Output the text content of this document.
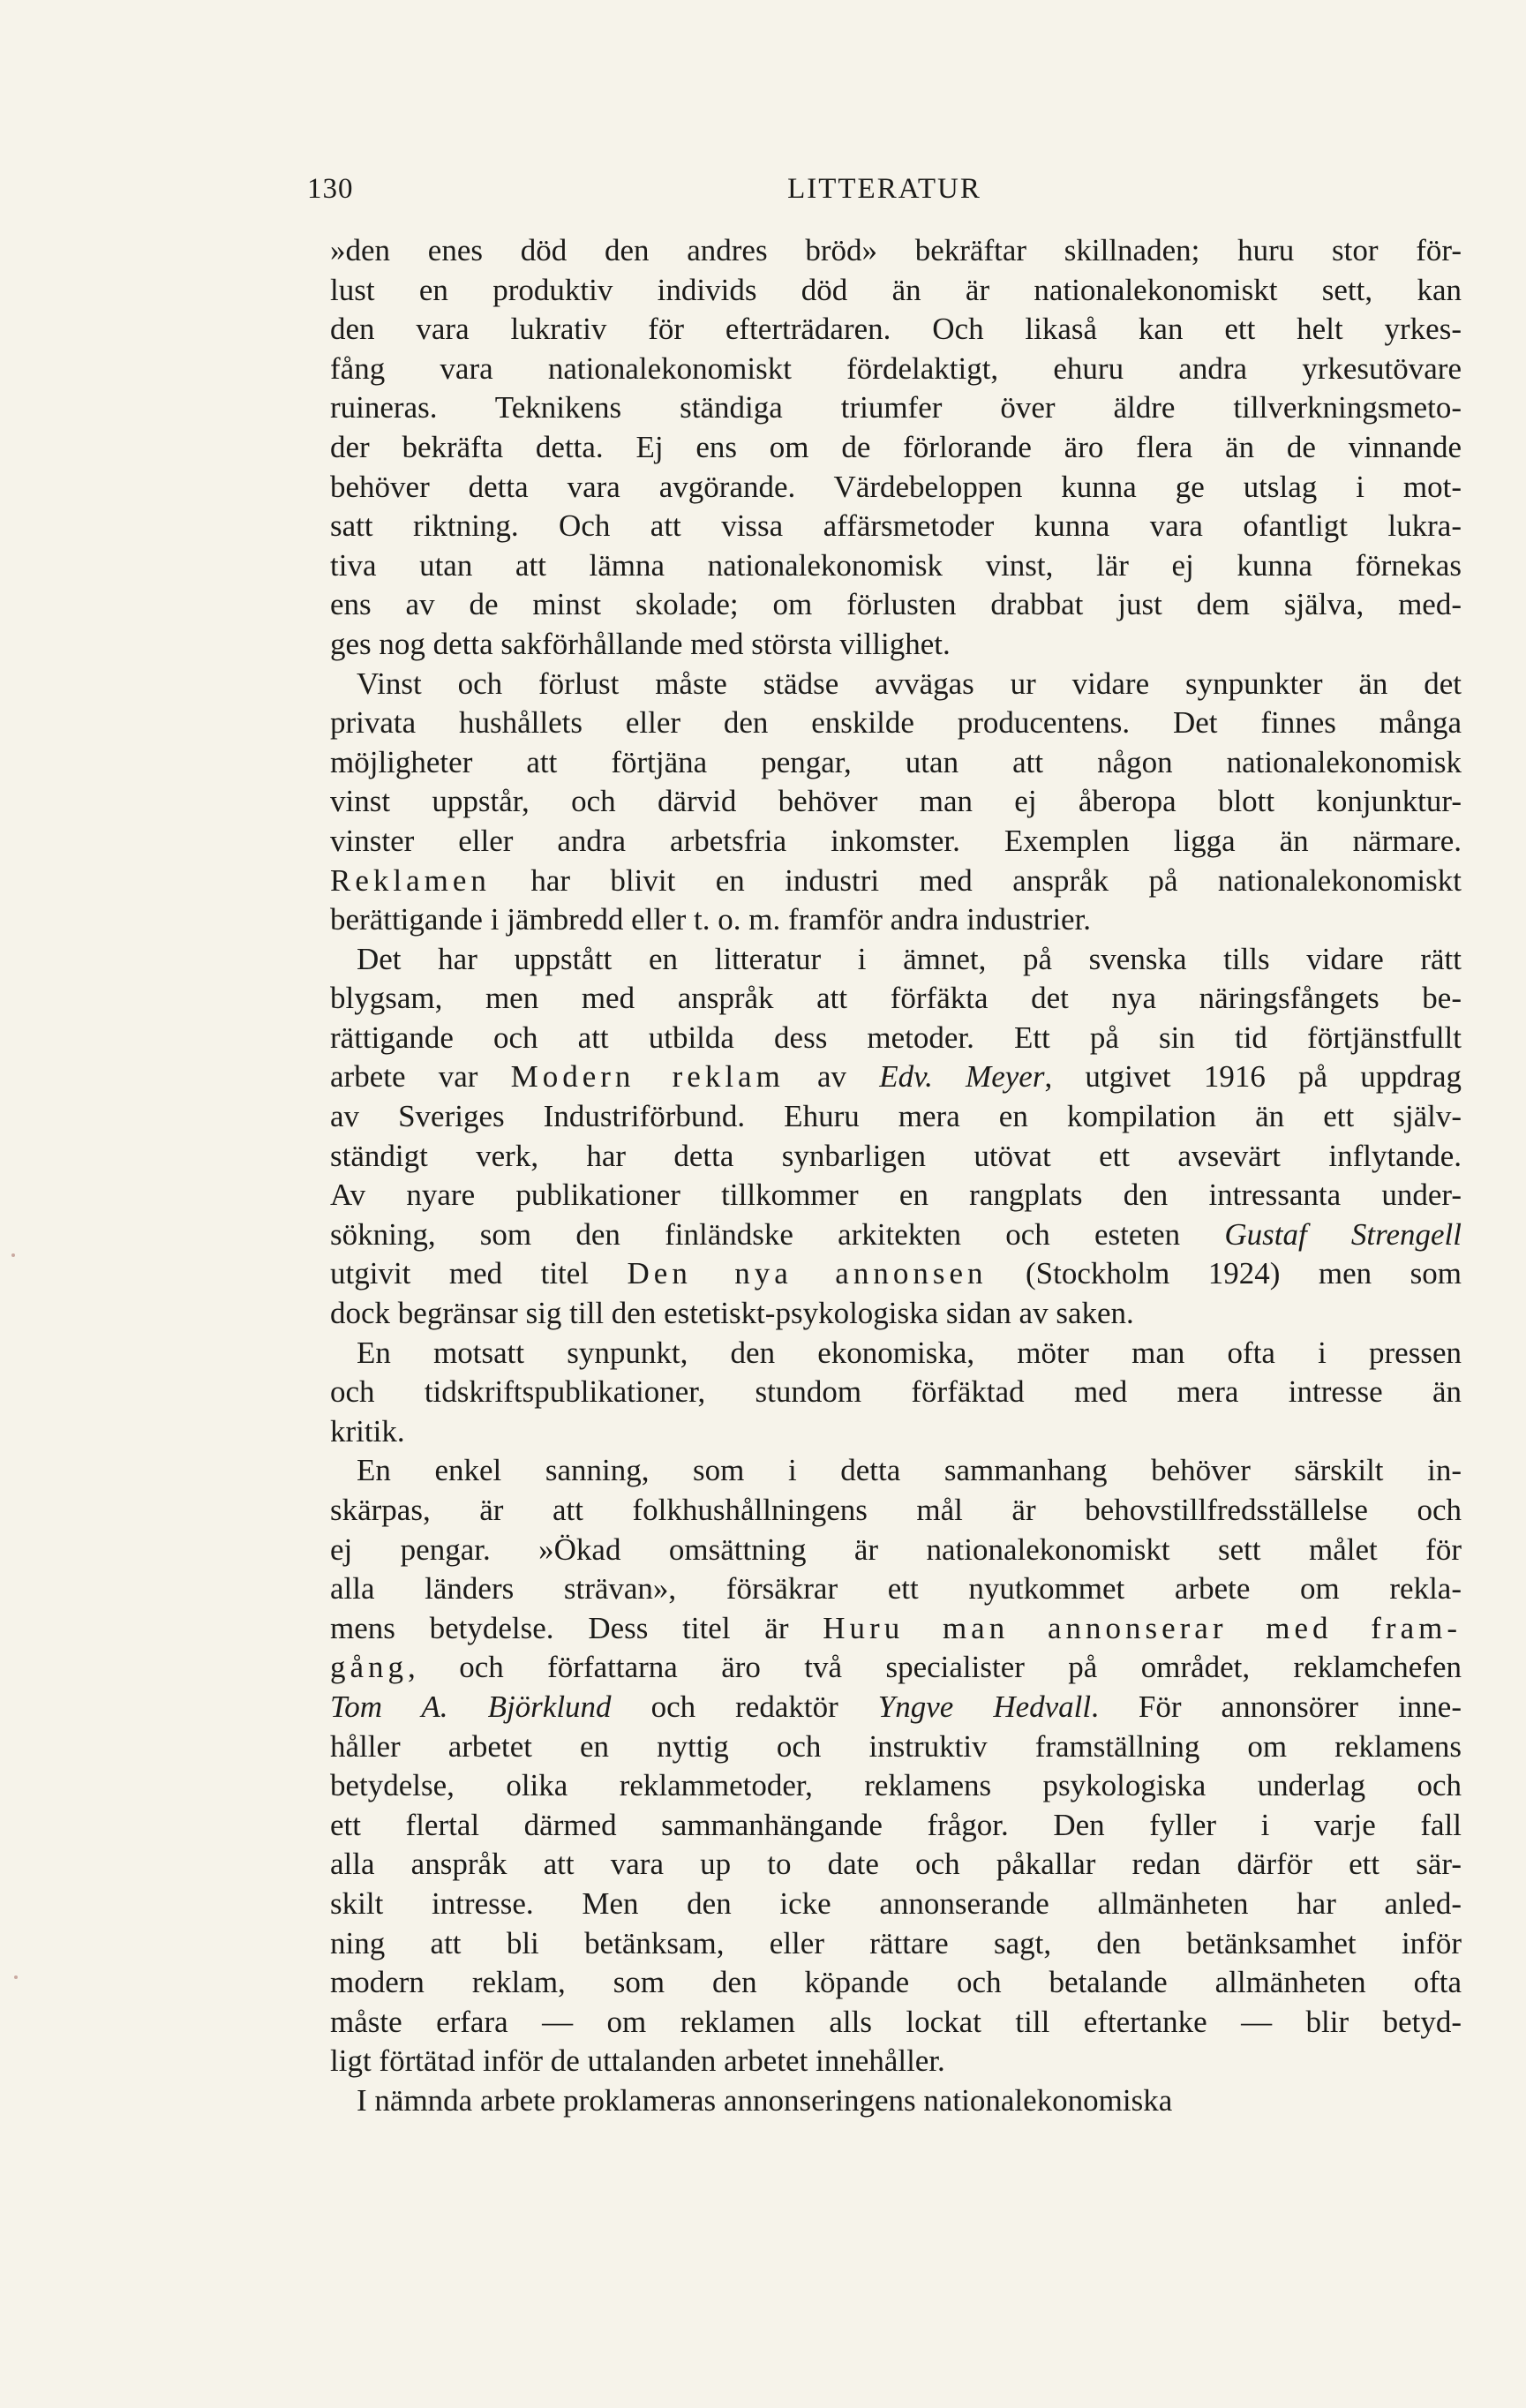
130	LITTERATUR
»den enes död den andres bröd» bekräftar skillnaden; huru stor för-
lust en produktiv individs död än är nationalekonomiskt sett, kan
den vara lukrativ för efterträdaren. Och likaså kan ett helt yrkes-
fång vara nationalekonomiskt fördelaktigt, ehuru andra yrkesutövare
ruineras. Teknikens ständiga triumfer över äldre tillverkningsmeto-
der bekräfta detta. Ej ens om de förlorande äro flera än de vinnande
behöver detta vara avgörande. Värdebeloppen kunna ge utslag i mot-
satt riktning. Och att vissa affärsmetoder kunna vara ofantligt lukra-
tiva utan att lämna nationalekonomisk vinst, lär ej kunna förnekas
ens av de minst skolade; om förlusten drabbat just dem själva, med-
ges nog detta sakförhållande med största villighet.
Vinst och förlust måste städse avvägas ur vidare synpunkter än det
privata hushållets eller den enskilde producentens. Det finnes många
möjligheter att förtjäna pengar, utan att någon nationalekonomisk
vinst uppstår, och därvid behöver man ej åberopa blott konjunktur-
vinster eller andra arbetsfria inkomster. Exemplen ligga än närmare.
Reklamen har blivit en industri med anspråk på nationalekonomiskt
berättigande i jämbredd eller t. o. m. framför andra industrier.
Det har uppstått en litteratur i ämnet, på svenska tills vidare rätt
blygsam, men med anspråk att förfäkta det nya näringsfångets be-
rättigande och att utbilda dess metoder. Ett på sin tid förtjänstfullt
arbete var Modern reklam av Edv. Meyer, utgivet 1916 på uppdrag
av Sveriges Industriförbund. Ehuru mera en kompilation än ett själv-
ständigt verk, har detta synbarligen utövat ett avsevärt inflytande.
Av nyare publikationer tillkommer en rangplats den intressanta under-
sökning, som den finländske arkitekten och esteten Gustaf Strengell
utgivit med titel Den nya annonsen (Stockholm 1924) men som
dock begränsar sig till den estetiskt-psykologiska sidan av saken.
En motsatt synpunkt, den ekonomiska, möter man ofta i pressen
och tidskriftspublikationer, stundom förfäktad med mera intresse än
kritik.
En enkel sanning, som i detta sammanhang behöver särskilt in-
skärpas, är att folkhushållningens mål är behovstillfredsställelse och
ej pengar. »Ökad omsättning är nationalekonomiskt sett målet för
alla länders strävan», försäkrar ett nyutkommet arbete om rekla-
mens betydelse. Dess titel är Huru man annonserar med fram-
gång, och författarna äro två specialister på området, reklamchefen
Tom A. Björklund och redaktör Yngve Hedvall. För annonsörer inne-
håller arbetet en nyttig och instruktiv framställning om reklamens
betydelse, olika reklammetoder, reklamens psykologiska underlag och
ett flertal därmed sammanhängande frågor. Den fyller i varje fall
alla anspråk att vara up to date och påkallar redan därför ett sär-
skilt intresse. Men den icke annonserande allmänheten har anled-
ning att bli betänksam, eller rättare sagt, den betänksamhet inför
modern reklam, som den köpande och betalande allmänheten ofta
måste erfara — om reklamen alls lockat till eftertanke — blir betyd-
ligt förtätad inför de uttalanden arbetet innehåller.
I nämnda arbete proklameras annonseringens nationalekonomiska
